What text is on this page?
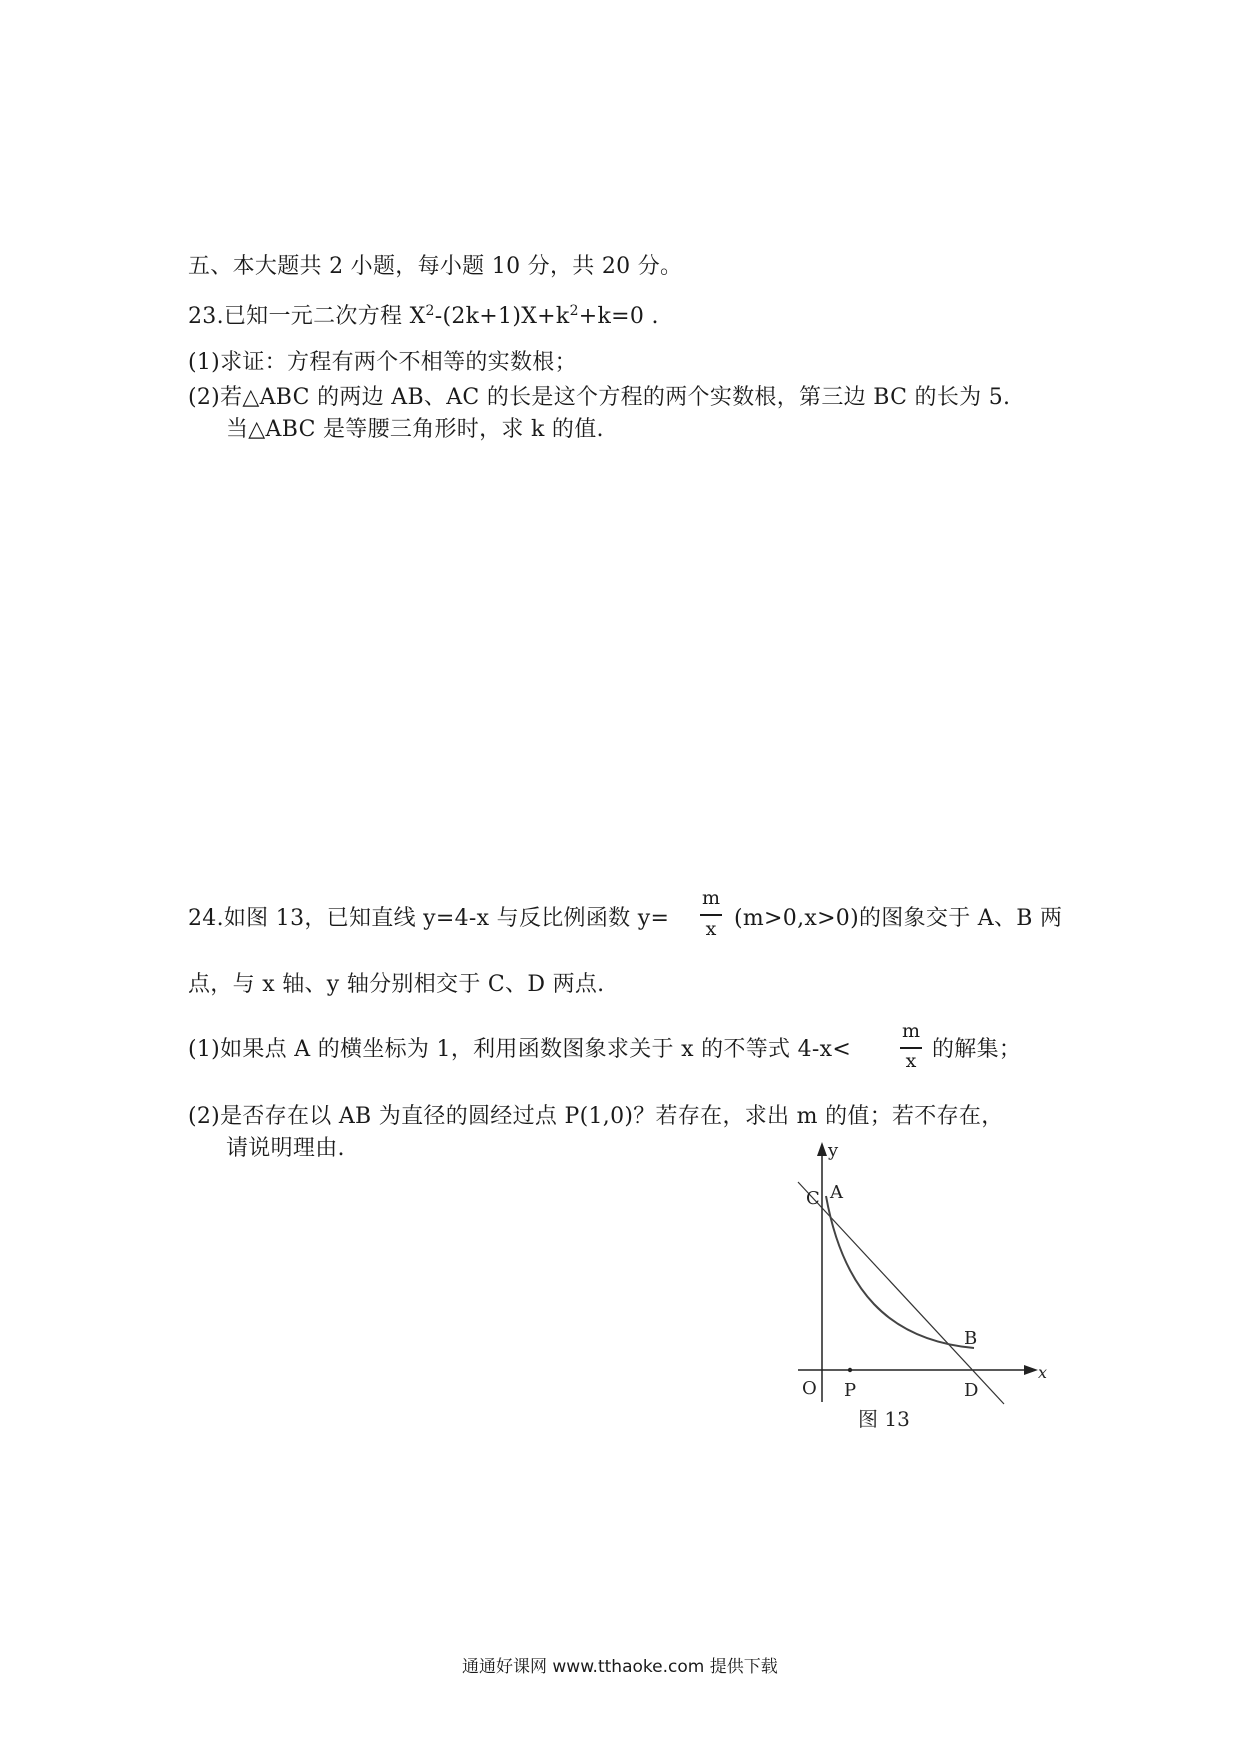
五、本大题共 2 小题，每小题 10 分，共 20 分。
23.已知一元二次方程 $X^2-(2k+1)X+k^2+k=0$ .
(1)求证：方程有两个不相等的实数根；
(2)若△ABC 的两边 AB、AC 的长是这个方程的两个实数根，第三边 BC 的长为 5.
当△ABC 是等腰三角形时，求 k 的值.
24.如图 13，已知直线 y=4-x 与反比例函数 y=
m
x (m>0,x>0)的图象交于 A、B 两
点，与 x 轴、y 轴分别相交于 C、D 两点.
(1)如果点 A 的横坐标为 1，利用函数图象求关于 x 的不等式 4-x<
m
x 的解集；
(2)是否存在以 AB 为直径的圆经过点 P(1,0)？若存在，求出 m 的值；若不存在，
请说明理由.	y
x
C A
B
O P	D
图 13
通通好课网 www.tthaoke.com 提供下载
